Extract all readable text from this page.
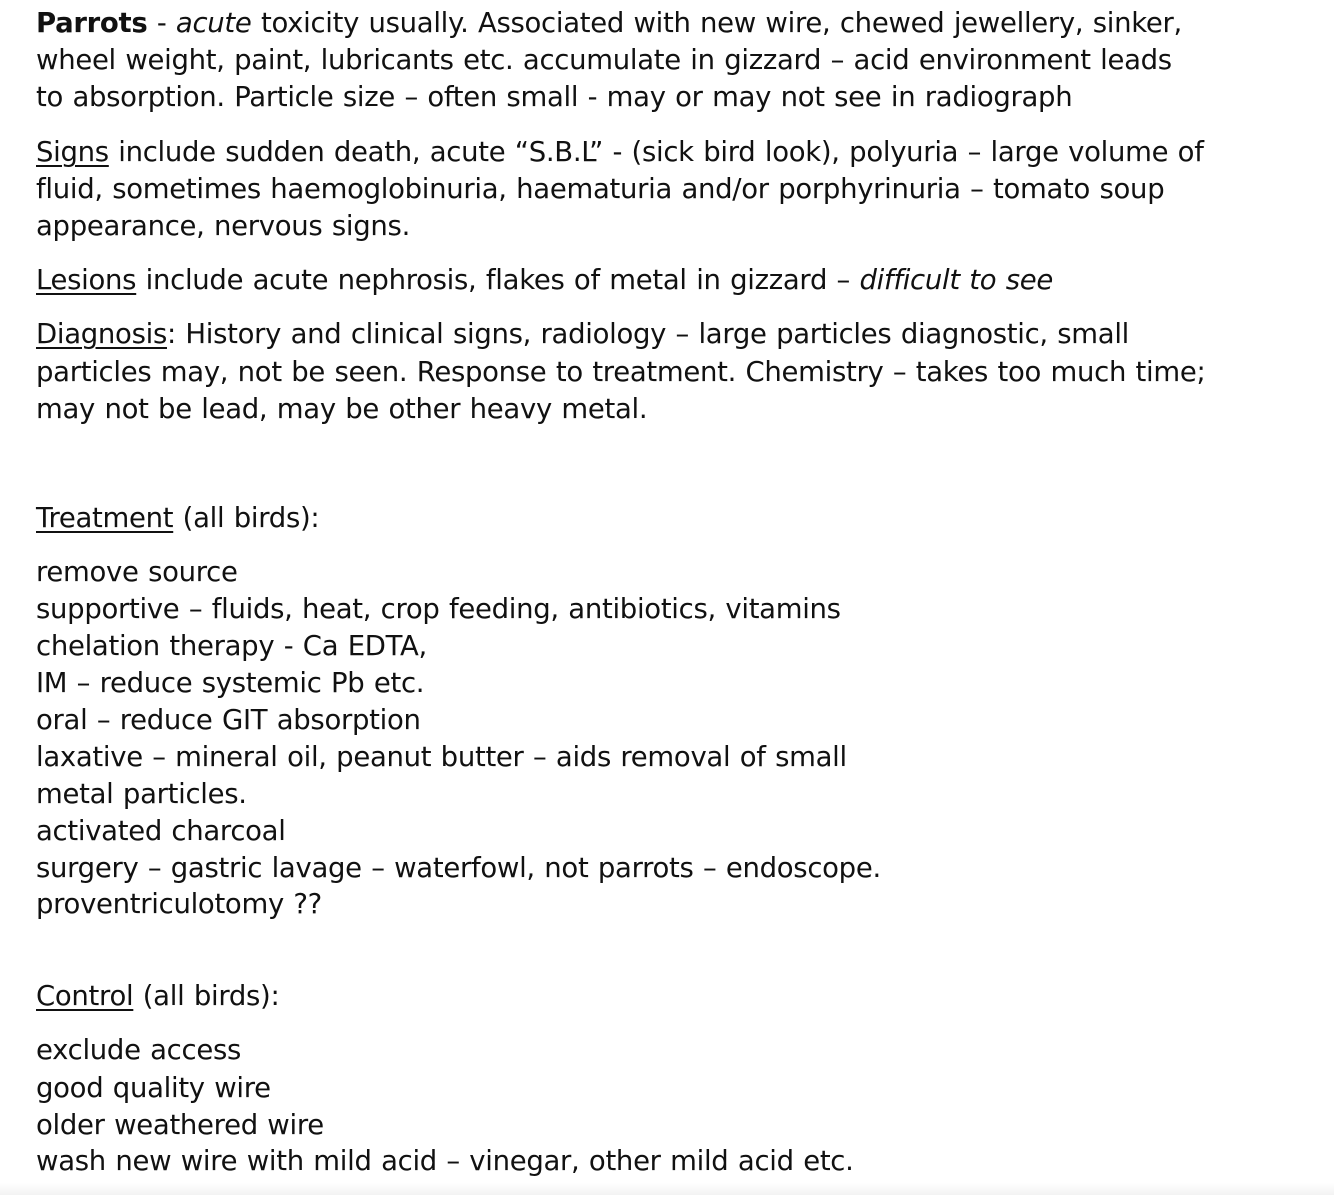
Parrots - acute toxicity usually. Associated with new wire, chewed jewellery, sinker,
wheel weight, paint, lubricants etc. accumulate in gizzard – acid environment leads
to absorption. Particle size – often small - may or may not see in radiograph
Signs include sudden death, acute “S.B.L” - (sick bird look), polyuria – large volume of
fluid, sometimes haemoglobinuria, haematuria and/or porphyrinuria – tomato soup
appearance, nervous signs.
Lesions include acute nephrosis, flakes of metal in gizzard – difficult to see
Diagnosis: History and clinical signs, radiology – large particles diagnostic, small
particles may, not be seen. Response to treatment. Chemistry – takes too much time;
may not be lead, may be other heavy metal.
Treatment (all birds):
remove source
supportive – fluids, heat, crop feeding, antibiotics, vitamins
chelation therapy - Ca EDTA,
IM – reduce systemic Pb etc.
oral – reduce GIT absorption
laxative – mineral oil, peanut butter – aids removal of small
metal particles.
activated charcoal
surgery – gastric lavage – waterfowl, not parrots – endoscope.
proventriculotomy ??
Control (all birds):
exclude access
good quality wire
older weathered wire
wash new wire with mild acid – vinegar, other mild acid etc.
